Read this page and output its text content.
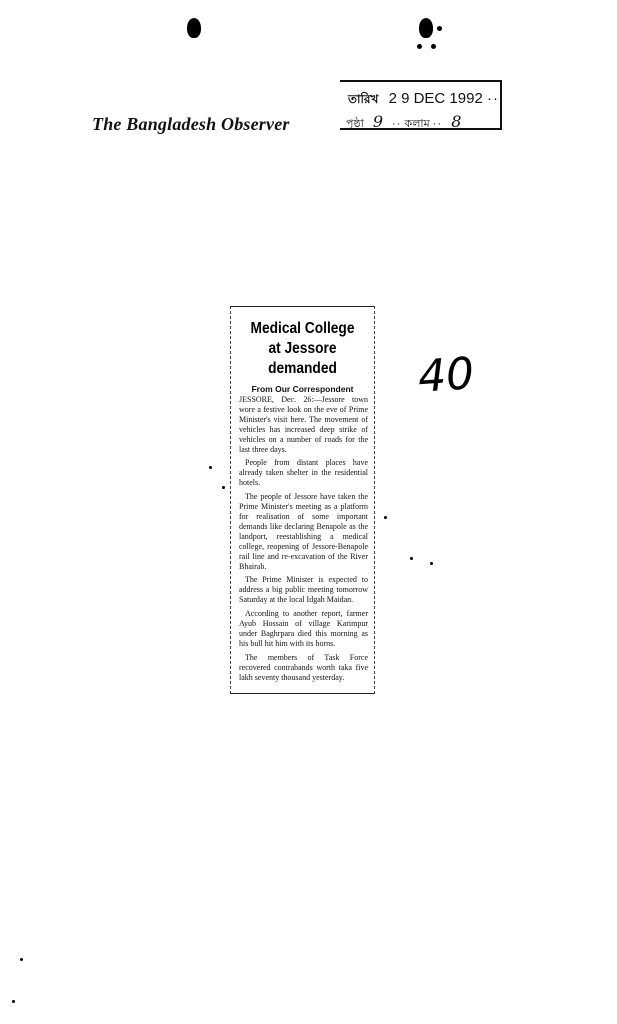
The Bangladesh Observer
তারিখ 2 9 DEC 1992 ··
পৃষ্ঠা 9 ·· কলাম ·· 8
Medical College
at Jessore
demanded
From Our Correspondent

JESSORE, Dec. 26:—Jessore town wore a festive look on the eve of Prime Minister's visit here. The movement of vehicles has increased deep strike of vehicles on a number of roads for the last three days.

People from distant places have already taken shelter in the residential hotels.

The people of Jessore have taken the Prime Minister's meeting as a platform for realisation of some important demands like declaring Benapole as the landport, reestablishing a medical college, reopening of Jessore-Benapole rail line and re-excavation of the River Bhairab.

The Prime Minister is expected to address a big public meeting tomorrow Saturday at the local Idgah Maidan.

According to another report, farmer Ayub Hossain of village Karimpur under Baghrpara died this morning as his bull hit him with its horns.

The members of Task Force recovered contrabands worth taka five lakh seventy thousand yesterday.

40
